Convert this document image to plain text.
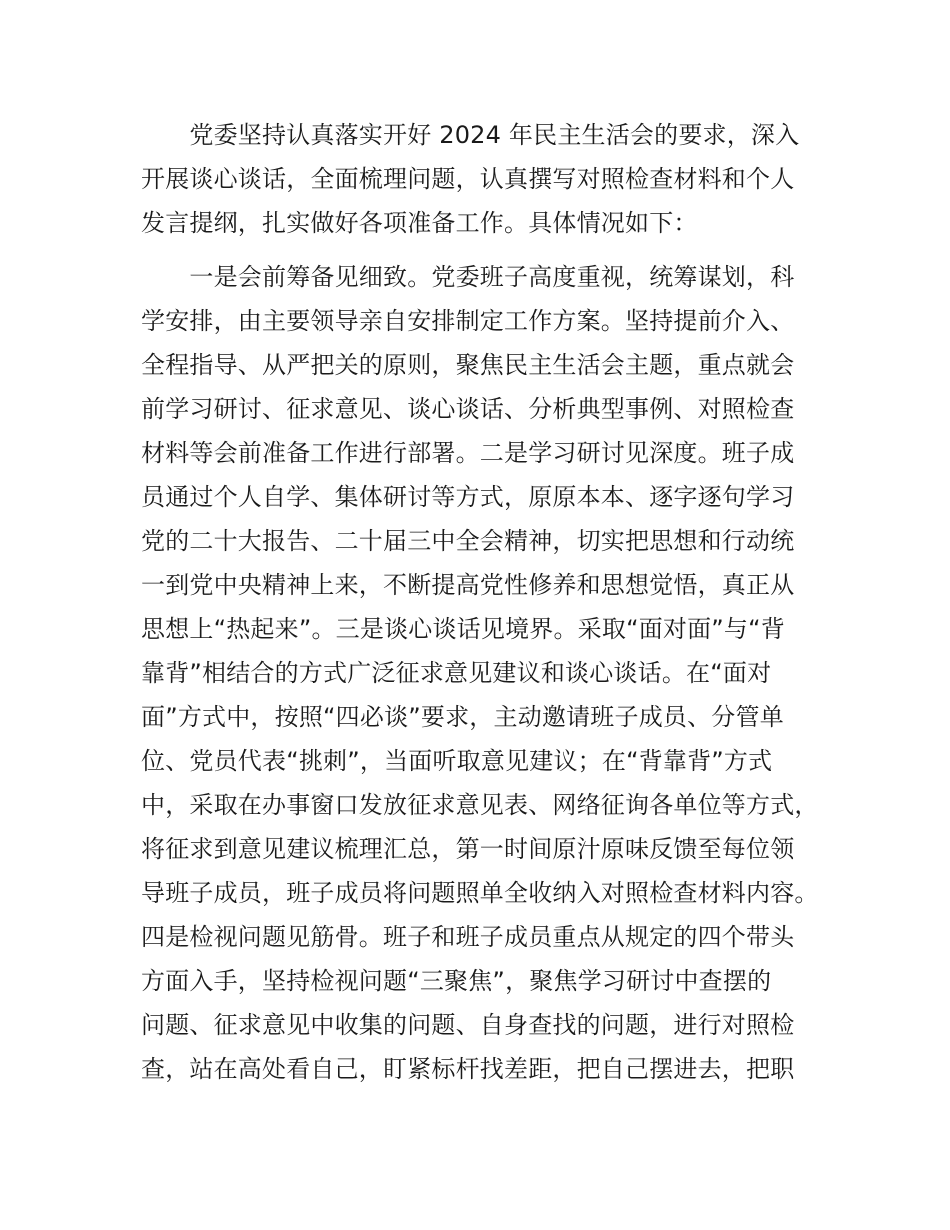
　　党委坚持认真落实开好 2024 年民主生活会的要求，深入
开展谈心谈话，全面梳理问题，认真撰写对照检查材料和个人
发言提纲，扎实做好各项准备工作。具体情况如下：
　　一是会前筹备见细致。党委班子高度重视，统筹谋划，科
学安排，由主要领导亲自安排制定工作方案。坚持提前介入、
全程指导、从严把关的原则，聚焦民主生活会主题，重点就会
前学习研讨、征求意见、谈心谈话、分析典型事例、对照检查
材料等会前准备工作进行部署。二是学习研讨见深度。班子成
员通过个人自学、集体研讨等方式，原原本本、逐字逐句学习
党的二十大报告、二十届三中全会精神，切实把思想和行动统
一到党中央精神上来，不断提高党性修养和思想觉悟，真正从
思想上“热起来”。三是谈心谈话见境界。采取“面对面”与“背
靠背”相结合的方式广泛征求意见建议和谈心谈话。在“面对
面”方式中，按照“四必谈”要求，主动邀请班子成员、分管单
位、党员代表“挑刺”，当面听取意见建议；在“背靠背”方式
中，采取在办事窗口发放征求意见表、网络征询各单位等方式，
将征求到意见建议梳理汇总，第一时间原汁原味反馈至每位领
导班子成员，班子成员将问题照单全收纳入对照检查材料内容。
四是检视问题见筋骨。班子和班子成员重点从规定的四个带头
方面入手，坚持检视问题“三聚焦”，聚焦学习研讨中查摆的
问题、征求意见中收集的问题、自身查找的问题，进行对照检
查，站在高处看自己，盯紧标杆找差距，把自己摆进去，把职
